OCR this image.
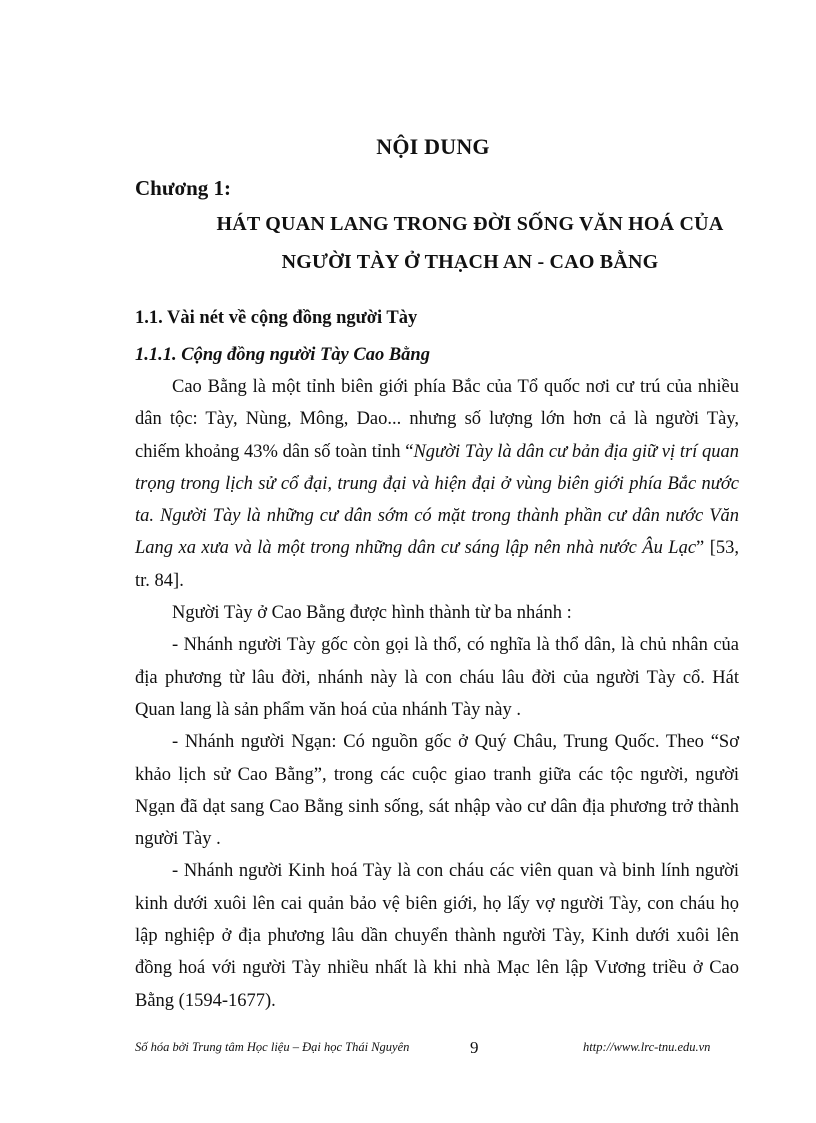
NỘI DUNG
Chương 1:
HÁT QUAN LANG TRONG ĐỜI SỐNG VĂN HOÁ CỦA
NGƯỜI TÀY Ở THẠCH AN - CAO BẰNG
1.1. Vài nét về cộng đồng người Tày
1.1.1. Cộng đồng người Tày Cao Bằng

Cao Bằng là một tỉnh biên giới phía Bắc của Tổ quốc nơi cư trú của nhiều dân tộc: Tày, Nùng, Mông, Dao... nhưng số lượng lớn hơn cả là người Tày, chiếm khoảng 43% dân số toàn tỉnh “Người Tày là dân cư bản địa giữ vị trí quan trọng trong lịch sử cổ đại, trung đại và hiện đại ở vùng biên giới phía Bắc nước ta. Người Tày là những cư dân sớm có mặt trong thành phần cư dân nước Văn Lang xa xưa và là một trong những dân cư sáng lập nên nhà nước Âu Lạc” [53, tr. 84].

Người Tày ở Cao Bằng được hình thành từ ba nhánh :

- Nhánh người Tày gốc còn gọi là thổ, có nghĩa là thổ dân, là chủ nhân của địa phương từ lâu đời, nhánh này là con cháu lâu đời của người Tày cổ. Hát Quan lang là sản phẩm văn hoá của nhánh Tày này .

- Nhánh người Ngạn: Có nguồn gốc ở Quý Châu, Trung Quốc. Theo “Sơ khảo lịch sử Cao Bằng”, trong các cuộc giao tranh giữa các tộc người, người Ngạn đã dạt sang Cao Bằng sinh sống, sát nhập vào cư dân địa phương trở thành người Tày .

- Nhánh người Kinh hoá Tày là con cháu các viên quan và binh lính người kinh dưới xuôi lên cai quản bảo vệ biên giới, họ lấy vợ người Tày, con cháu họ lập nghiệp ở địa phương lâu dần chuyển thành người Tày, Kinh dưới xuôi lên đồng hoá với người Tày nhiều nhất là khi nhà Mạc lên lập Vương triều ở Cao Bằng (1594-1677).

Số hóa bởi Trung tâm Học liệu – Đại học Thái Nguyên	9	http://www.lrc-tnu.edu.vn
